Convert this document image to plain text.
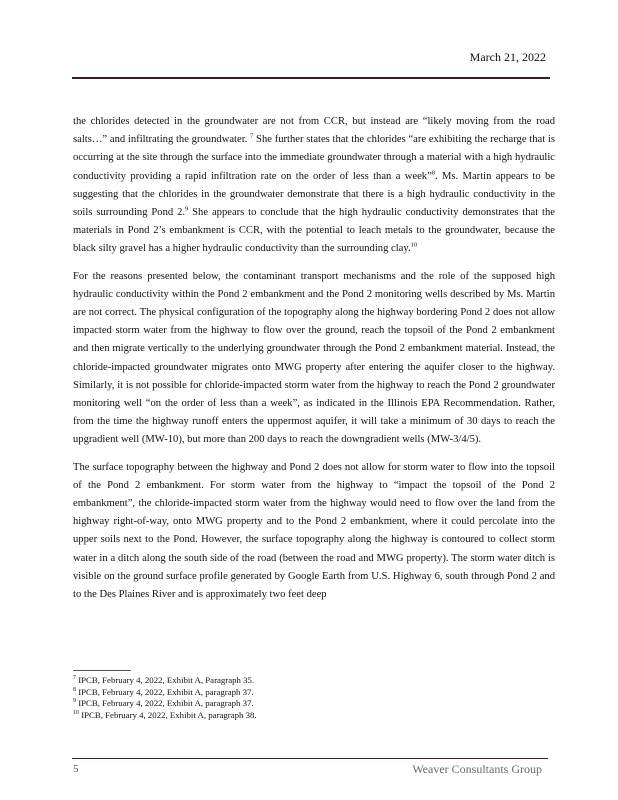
March 21, 2022

the chlorides detected in the groundwater are not from CCR, but instead are “likely moving from the road salts…” and infiltrating the groundwater. $^7$ She further states that the chlorides “are exhibiting the recharge that is occurring at the site through the surface into the immediate groundwater through a material with a high hydraulic conductivity providing a rapid infiltration rate on the order of less than a week”$^8$. Ms. Martin appears to be suggesting that the chlorides in the groundwater demonstrate that there is a high hydraulic conductivity in the soils surrounding Pond 2.$^9$ She appears to conclude that the high hydraulic conductivity demonstrates that the materials in Pond 2’s embankment is CCR, with the potential to leach metals to the groundwater, because the black silty gravel has a higher hydraulic conductivity than the surrounding clay.$^{10}$

For the reasons presented below, the contaminant transport mechanisms and the role of the supposed high hydraulic conductivity within the Pond 2 embankment and the Pond 2 monitoring wells described by Ms. Martin are not correct. The physical configuration of the topography along the highway bordering Pond 2 does not allow impacted storm water from the highway to flow over the ground, reach the topsoil of the Pond 2 embankment and then migrate vertically to the underlying groundwater through the Pond 2 embankment material. Instead, the chloride-impacted groundwater migrates onto MWG property after entering the aquifer closer to the highway. Similarly, it is not possible for chloride-impacted storm water from the highway to reach the Pond 2 groundwater monitoring well “on the order of less than a week”, as indicated in the Illinois EPA Recommendation. Rather, from the time the highway runoff enters the uppermost aquifer, it will take a minimum of 30 days to reach the upgradient well (MW-10), but more than 200 days to reach the downgradient wells (MW-3/4/5).

The surface topography between the highway and Pond 2 does not allow for storm water to flow into the topsoil of the Pond 2 embankment. For storm water from the highway to “impact the topsoil of the Pond 2 embankment”, the chloride-impacted storm water from the highway would need to flow over the land from the highway right-of-way, onto MWG property and to the Pond 2 embankment, where it could percolate into the upper soils next to the Pond. However, the surface topography along the highway is contoured to collect storm water in a ditch along the south side of the road (between the road and MWG property). The storm water ditch is visible on the ground surface profile generated by Google Earth from U.S. Highway 6, south through Pond 2 and to the Des Plaines River and is approximately two feet deep

$^7$ IPCB, February 4, 2022, Exhibit A, Paragraph 35.
$^8$ IPCB, February 4, 2022, Exhibit A, paragraph 37.
$^9$ IPCB, February 4, 2022, Exhibit A, paragraph 37.
$^{10}$ IPCB, February 4, 2022, Exhibit A, paragraph 38.
5	Weaver Consultants Group
